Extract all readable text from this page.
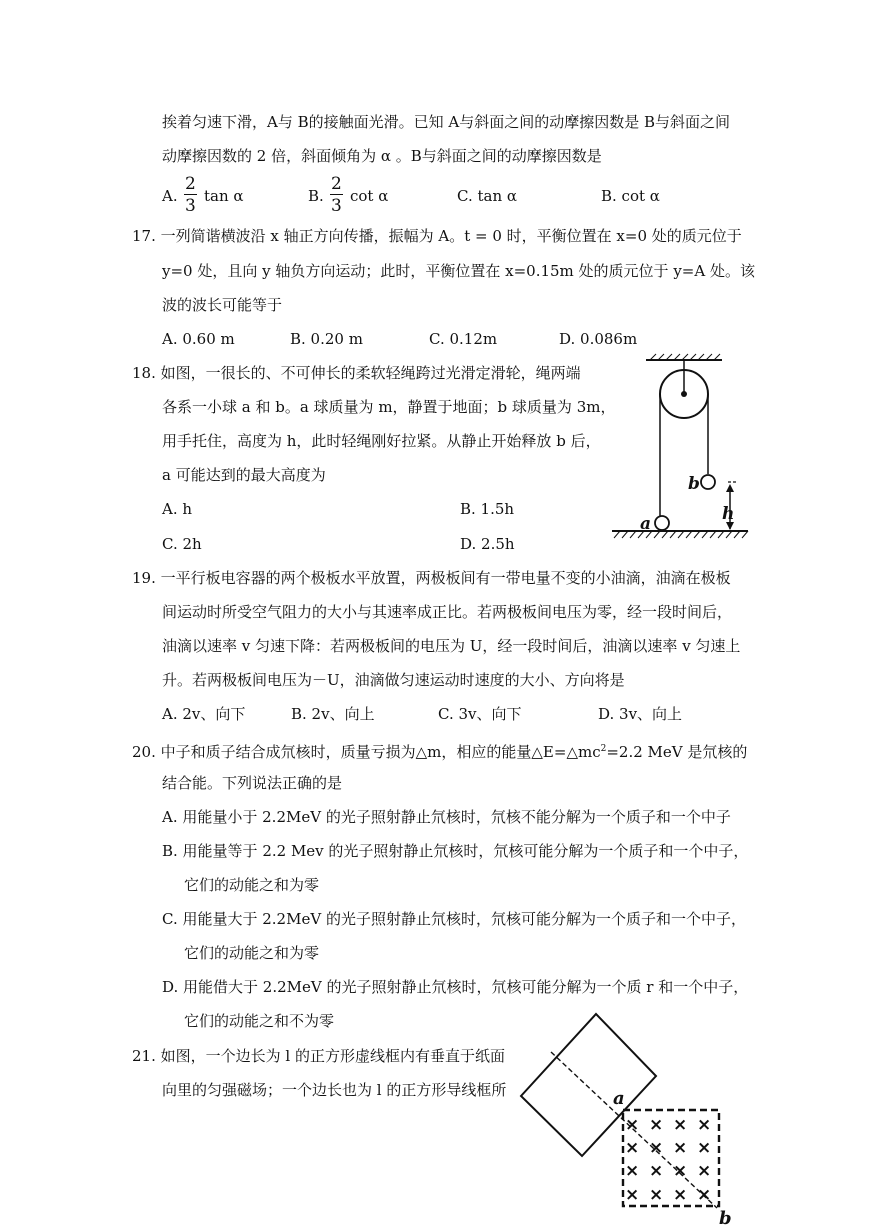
挨着匀速下滑，A与 B的接触面光滑。已知 A与斜面之间的动摩擦因数是 B与斜面之间
动摩擦因数的 2 倍，斜面倾角为 α 。B与斜面之间的动摩擦因数是
A. $\frac{2}{3}$ tan α	B. $\frac{2}{3}$ cot α	C. tan α	B. cot α
17. 一列简谐横波沿 x 轴正方向传播，振幅为 A。t = 0 时，平衡位置在 x=0 处的质元位于
y=0 处，且向 y 轴负方向运动；此时，平衡位置在 x=0.15m 处的质元位于 y=A 处。该
波的波长可能等于
A. 0.60 m	B. 0.20 m	C. 0.12m	D. 0.086m
18. 如图，一很长的、不可伸长的柔软轻绳跨过光滑定滑轮，绳两端
各系一小球 a 和 b。a 球质量为 m，静置于地面；b 球质量为 3m，
用手托住，高度为 h，此时轻绳刚好拉紧。从静止开始释放 b 后，
a 可能达到的最大高度为
A. h	B. 1.5h
C. 2h	D. 2.5h
b
a	h
19. 一平行板电容器的两个极板水平放置，两极板间有一带电量不变的小油滴，油滴在极板
间运动时所受空气阻力的大小与其速率成正比。若两极板间电压为零，经一段时间后，
油滴以速率 v 匀速下降：若两极板间的电压为 U，经一段时间后，油滴以速率 v 匀速上
升。若两极板间电压为－U，油滴做匀速运动时速度的大小、方向将是
A. 2v、向下	B. 2v、向上	C. 3v、向下	D. 3v、向上
20. 中子和质子结合成氘核时，质量亏损为△m，相应的能量$\triangle E=\triangle mc^2=2.2$ MeV 是氘核的
结合能。下列说法正确的是
A. 用能量小于 2.2MeV 的光子照射静止氘核时，氘核不能分解为一个质子和一个中子
B. 用能量等于 2.2 Mev 的光子照射静止氘核时，氘核可能分解为一个质子和一个中子，
它们的动能之和为零
C. 用能量大于 2.2MeV 的光子照射静止氘核时，氘核可能分解为一个质子和一个中子，
它们的动能之和为零
D. 用能借大于 2.2MeV 的光子照射静止氘核时，氘核可能分解为一个质 r 和一个中子，
它们的动能之和不为零
21. 如图，一个边长为 l 的正方形虚线框内有垂直于纸面
向里的匀强磁场；一个边长也为 l 的正方形导线框所
× × × ×
× × × ×
× × × ×
× × × ×
a
b
